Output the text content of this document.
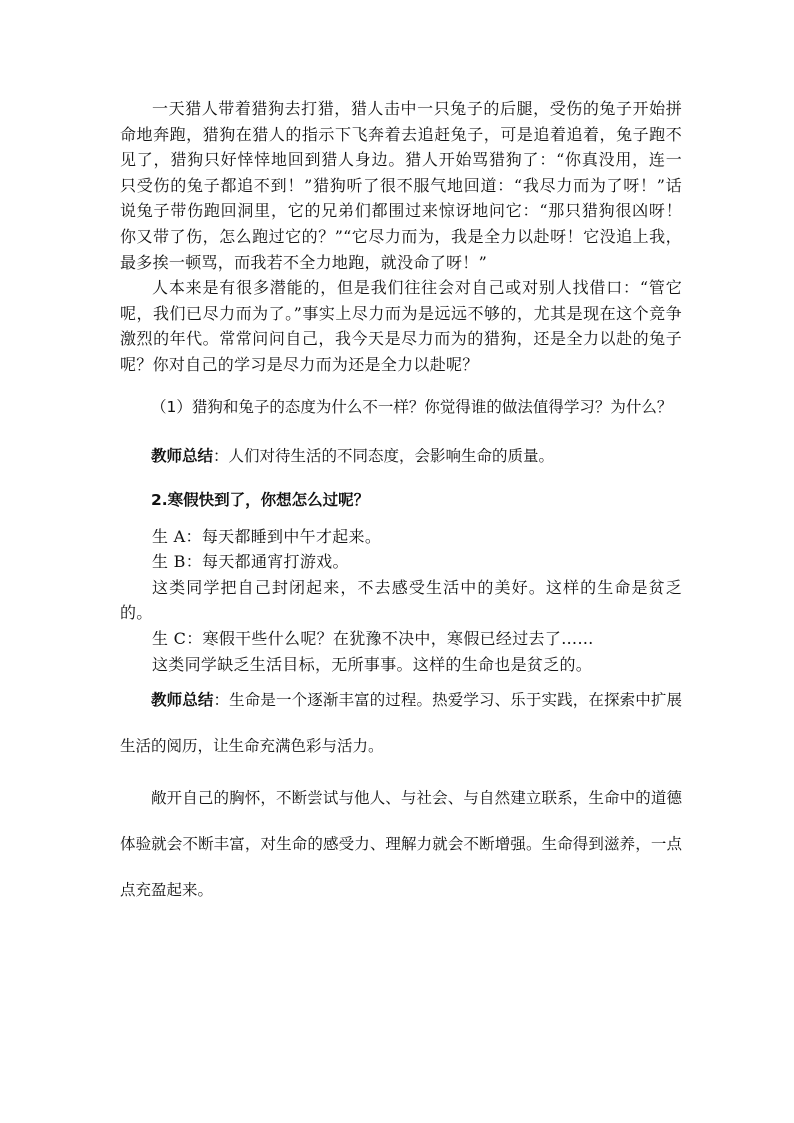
一天猎人带着猎狗去打猎，猎人击中一只兔子的后腿，受伤的兔子开始拼命地奔跑，猎狗在猎人的指示下飞奔着去追赶兔子，可是追着追着，兔子跑不见了，猎狗只好悻悻地回到猎人身边。猎人开始骂猎狗了：“你真没用，连一只受伤的兔子都追不到！”猎狗听了很不服气地回道：“我尽力而为了呀！”话说兔子带伤跑回洞里，它的兄弟们都围过来惊讶地问它：“那只猎狗很凶呀！你又带了伤，怎么跑过它的？”“它尽力而为，我是全力以赴呀！它没追上我，最多挨一顿骂，而我若不全力地跑，就没命了呀！”

人本来是有很多潜能的，但是我们往往会对自己或对别人找借口：“管它呢，我们已尽力而为了。”事实上尽力而为是远远不够的，尤其是现在这个竞争激烈的年代。常常问问自己，我今天是尽力而为的猎狗，还是全力以赴的兔子呢？你对自己的学习是尽力而为还是全力以赴呢？

（1）猎狗和兔子的态度为什么不一样？你觉得谁的做法值得学习？为什么？

教师总结：人们对待生活的不同态度，会影响生命的质量。

2.寒假快到了，你想怎么过呢？

生 A：每天都睡到中午才起来。

生 B：每天都通宵打游戏。

这类同学把自己封闭起来，不去感受生活中的美好。这样的生命是贫乏的。

生 C：寒假干些什么呢？在犹豫不决中，寒假已经过去了……

这类同学缺乏生活目标，无所事事。这样的生命也是贫乏的。

教师总结：生命是一个逐渐丰富的过程。热爱学习、乐于实践，在探索中扩展生活的阅历，让生命充满色彩与活力。

敞开自己的胸怀，不断尝试与他人、与社会、与自然建立联系，生命中的道德体验就会不断丰富，对生命的感受力、理解力就会不断增强。生命得到滋养，一点点充盈起来。
